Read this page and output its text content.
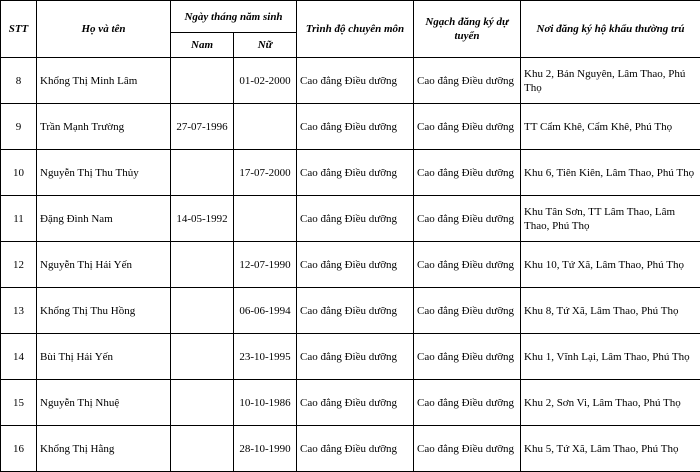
STT	Họ và tên	Ngày tháng năm sinh		Trình độ chuyên môn	Ngạch đăng ký dự tuyển	Nơi đăng ký hộ khẩu thường trú
		Nam	Nữ			
8	Khổng Thị Minh Lâm		01-02-2000	Cao đẳng Điều dưỡng	Cao đẳng Điều dưỡng	Khu 2, Bản Nguyên, Lâm Thao, Phú Thọ
9	Trần Mạnh Trường	27-07-1996		Cao đẳng Điều dưỡng	Cao đẳng Điều dưỡng	TT Cẩm Khê, Cẩm Khê, Phú Thọ
10	Nguyễn Thị Thu Thủy		17-07-2000	Cao đẳng Điều dưỡng	Cao đẳng Điều dưỡng	Khu 6, Tiên Kiên, Lâm Thao, Phú Thọ
11	Đặng Đình Nam	14-05-1992		Cao đẳng Điều dưỡng	Cao đẳng Điều dưỡng	Khu Tân Sơn, TT Lâm Thao, Lâm Thao, Phú Thọ
12	Nguyễn Thị Hải Yến		12-07-1990	Cao đẳng Điều dưỡng	Cao đẳng Điều dưỡng	Khu 10, Tứ Xã, Lâm Thao, Phú Thọ
13	Khổng Thị Thu Hồng		06-06-1994	Cao đẳng Điều dưỡng	Cao đẳng Điều dưỡng	Khu 8, Tứ Xã, Lâm Thao, Phú Thọ
14	Bùi Thị Hải Yến		23-10-1995	Cao đẳng Điều dưỡng	Cao đẳng Điều dưỡng	Khu 1, Vĩnh Lại, Lâm Thao, Phú Thọ
15	Nguyễn Thị Nhuệ		10-10-1986	Cao đẳng Điều dưỡng	Cao đẳng Điều dưỡng	Khu 2, Sơn Vi, Lâm Thao, Phú Thọ
16	Khổng Thị Hằng		28-10-1990	Cao đẳng Điều dưỡng	Cao đẳng Điều dưỡng	Khu 5, Tứ Xã, Lâm Thao, Phú Thọ
